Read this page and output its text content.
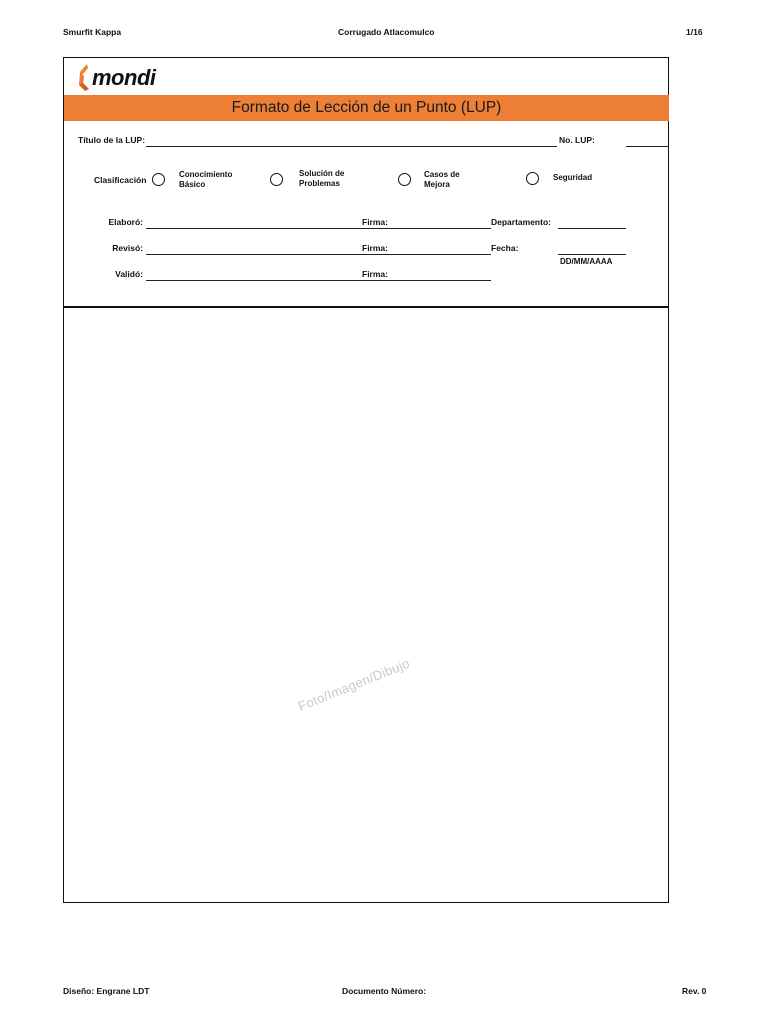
Smurfit Kappa	Corrugado Atlacomulco	1/16
mondi
Formato de Lección de un Punto (LUP)
Título de la LUP:	No. LUP:
Clasificación
Conocimiento
Básico
Solución de
Problemas
Casos de
Mejora
Seguridad
Elaboró:	Firma:	Departamento:
Revisó:	Firma:	Fecha:
DD/MM/AAAA
Validó:	Firma:
Foto/Imagen/Dibujo
Diseño: Engrane LDT	Documento Número:	Rev. 0
